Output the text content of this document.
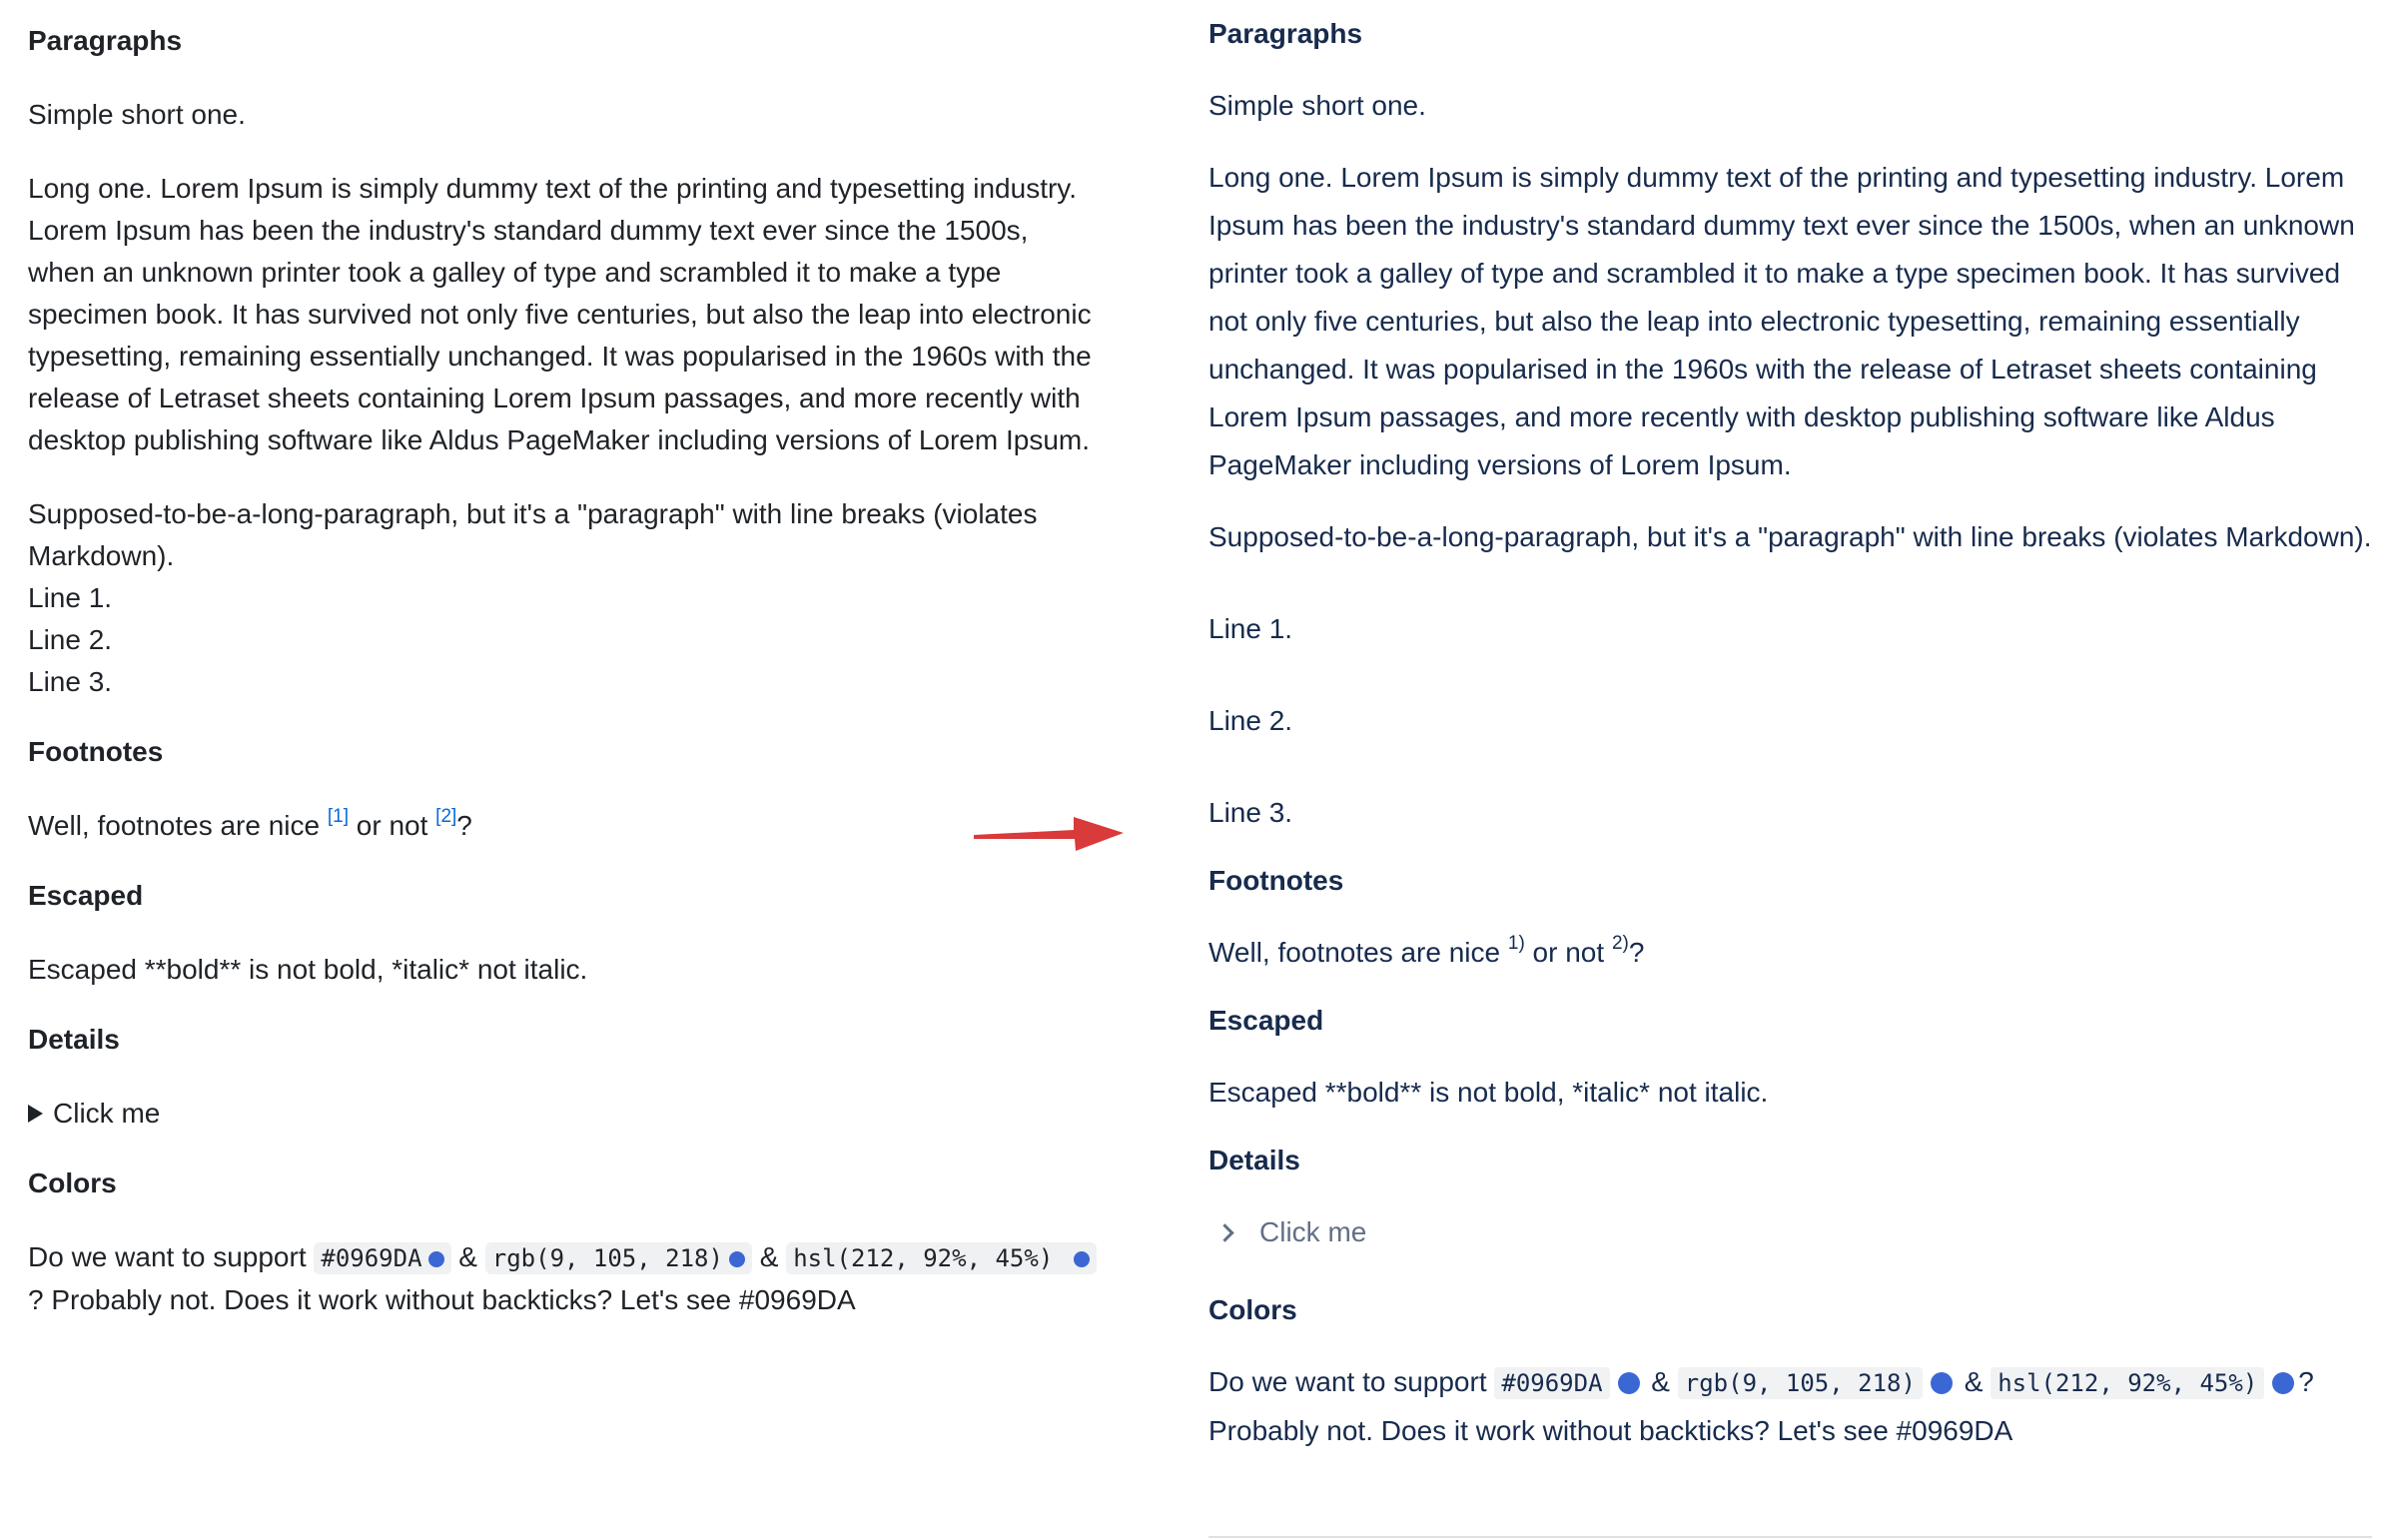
Paragraphs

Simple short one.

Long one. Lorem Ipsum is simply dummy text of the printing and typesetting industry. Lorem Ipsum has been the industry's standard dummy text ever since the 1500s, when an unknown printer took a galley of type and scrambled it to make a type specimen book. It has survived not only five centuries, but also the leap into electronic typesetting, remaining essentially unchanged. It was popularised in the 1960s with the release of Letraset sheets containing Lorem Ipsum passages, and more recently with desktop publishing software like Aldus PageMaker including versions of Lorem Ipsum.

Supposed-to-be-a-long-paragraph, but it's a "paragraph" with line breaks (violates Markdown).
Line 1.
Line 2.
Line 3.

Footnotes

Well, footnotes are nice [1] or not [2]?

Escaped

Escaped **bold** is not bold, *italic* not italic.

Details

Click me

Colors

Do we want to support #0969DA & rgb(9, 105, 218) & hsl(212, 92%, 45%) ? Probably not. Does it work without backticks? Let's see #0969DA

Paragraphs

Simple short one.

Long one. Lorem Ipsum is simply dummy text of the printing and typesetting industry. Lorem Ipsum has been the industry's standard dummy text ever since the 1500s, when an unknown printer took a galley of type and scrambled it to make a type specimen book. It has survived not only five centuries, but also the leap into electronic typesetting, remaining essentially unchanged. It was popularised in the 1960s with the release of Letraset sheets containing Lorem Ipsum passages, and more recently with desktop publishing software like Aldus PageMaker including versions of Lorem Ipsum.

Supposed-to-be-a-long-paragraph, but it's a "paragraph" with line breaks (violates Markdown).

Line 1.

Line 2.

Line 3.

Footnotes

Well, footnotes are nice $^{1)}$ or not $^{2)}$?

Escaped

Escaped **bold** is not bold, *italic* not italic.

Details
Click me
Colors

Do we want to support #0969DA & rgb(9, 105, 218) & hsl(212, 92%, 45%) ? Probably not. Does it work without backticks? Let's see #0969DA
